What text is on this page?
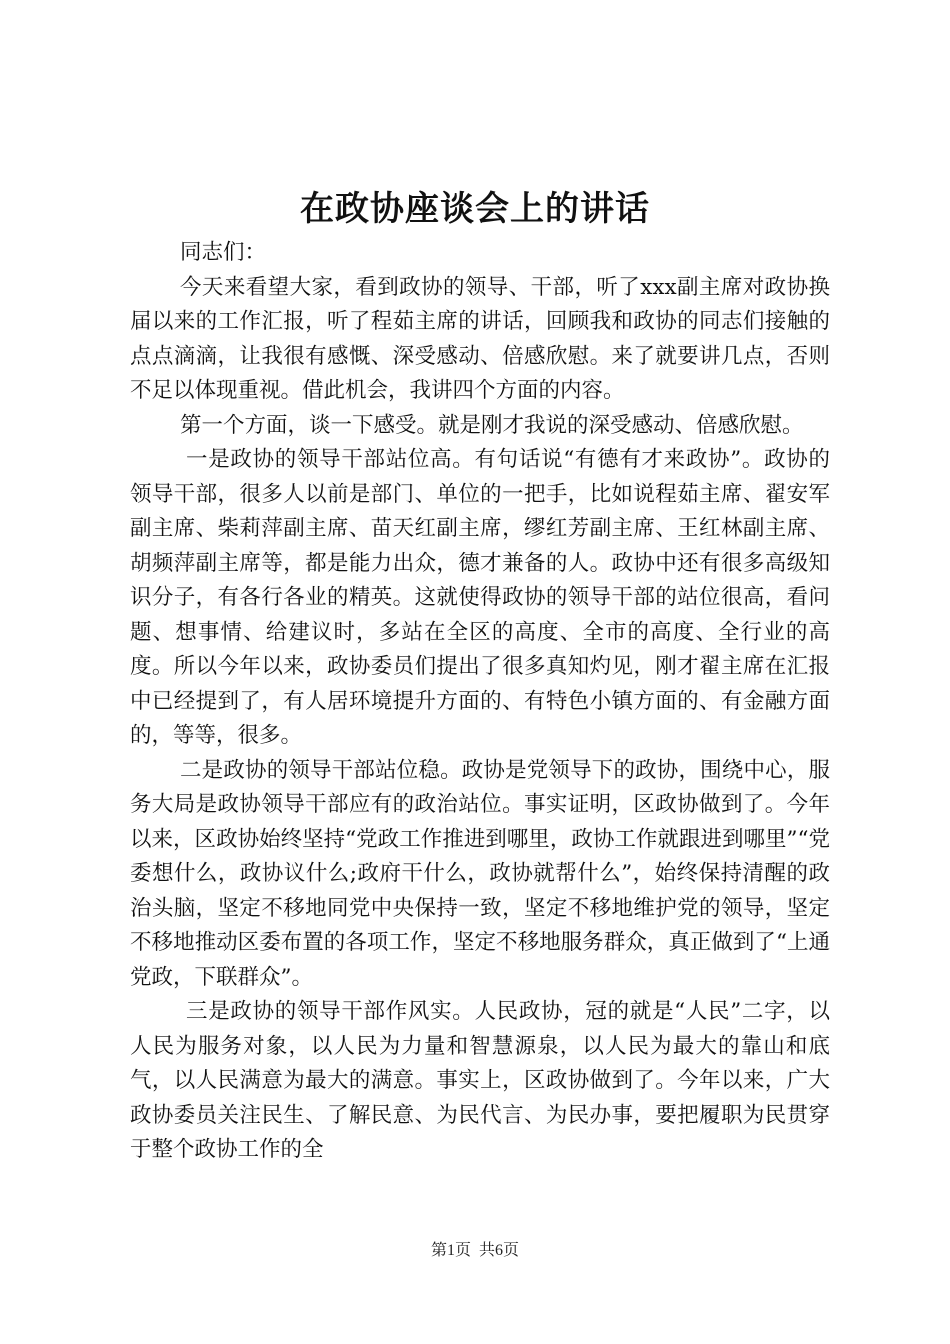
在政协座谈会上的讲话

同志们：

今天来看望大家，看到政协的领导、干部，听了xxx副主席对政协换届以来的工作汇报，听了程茹主席的讲话，回顾我和政协的同志们接触的点点滴滴，让我很有感慨、深受感动、倍感欣慰。来了就要讲几点，否则不足以体现重视。借此机会，我讲四个方面的内容。

第一个方面，谈一下感受。就是刚才我说的深受感动、倍感欣慰。

一是政协的领导干部站位高。有句话说“有德有才来政协”。政协的领导干部，很多人以前是部门、单位的一把手，比如说程茹主席、翟安军副主席、柴莉萍副主席、苗天红副主席，缪红芳副主席、王红林副主席、胡频萍副主席等，都是能力出众，德才兼备的人。政协中还有很多高级知识分子，有各行各业的精英。这就使得政协的领导干部的站位很高，看问题、想事情、给建议时，多站在全区的高度、全市的高度、全行业的高度。所以今年以来，政协委员们提出了很多真知灼见，刚才翟主席在汇报中已经提到了，有人居环境提升方面的、有特色小镇方面的、有金融方面的，等等，很多。

二是政协的领导干部站位稳。政协是党领导下的政协，围绕中心，服务大局是政协领导干部应有的政治站位。事实证明，区政协做到了。今年以来，区政协始终坚持“党政工作推进到哪里，政协工作就跟进到哪里”“党委想什么，政协议什么;政府干什么，政协就帮什么”，始终保持清醒的政治头脑，坚定不移地同党中央保持一致，坚定不移地维护党的领导，坚定不移地推动区委布置的各项工作，坚定不移地服务群众，真正做到了“上通党政，下联群众”。

三是政协的领导干部作风实。人民政协，冠的就是“人民”二字，以人民为服务对象，以人民为力量和智慧源泉，以人民为最大的靠山和底气，以人民满意为最大的满意。事实上，区政协做到了。今年以来，广大政协委员关注民生、了解民意、为民代言、为民办事，要把履职为民贯穿于整个政协工作的全

第1页 共6页
